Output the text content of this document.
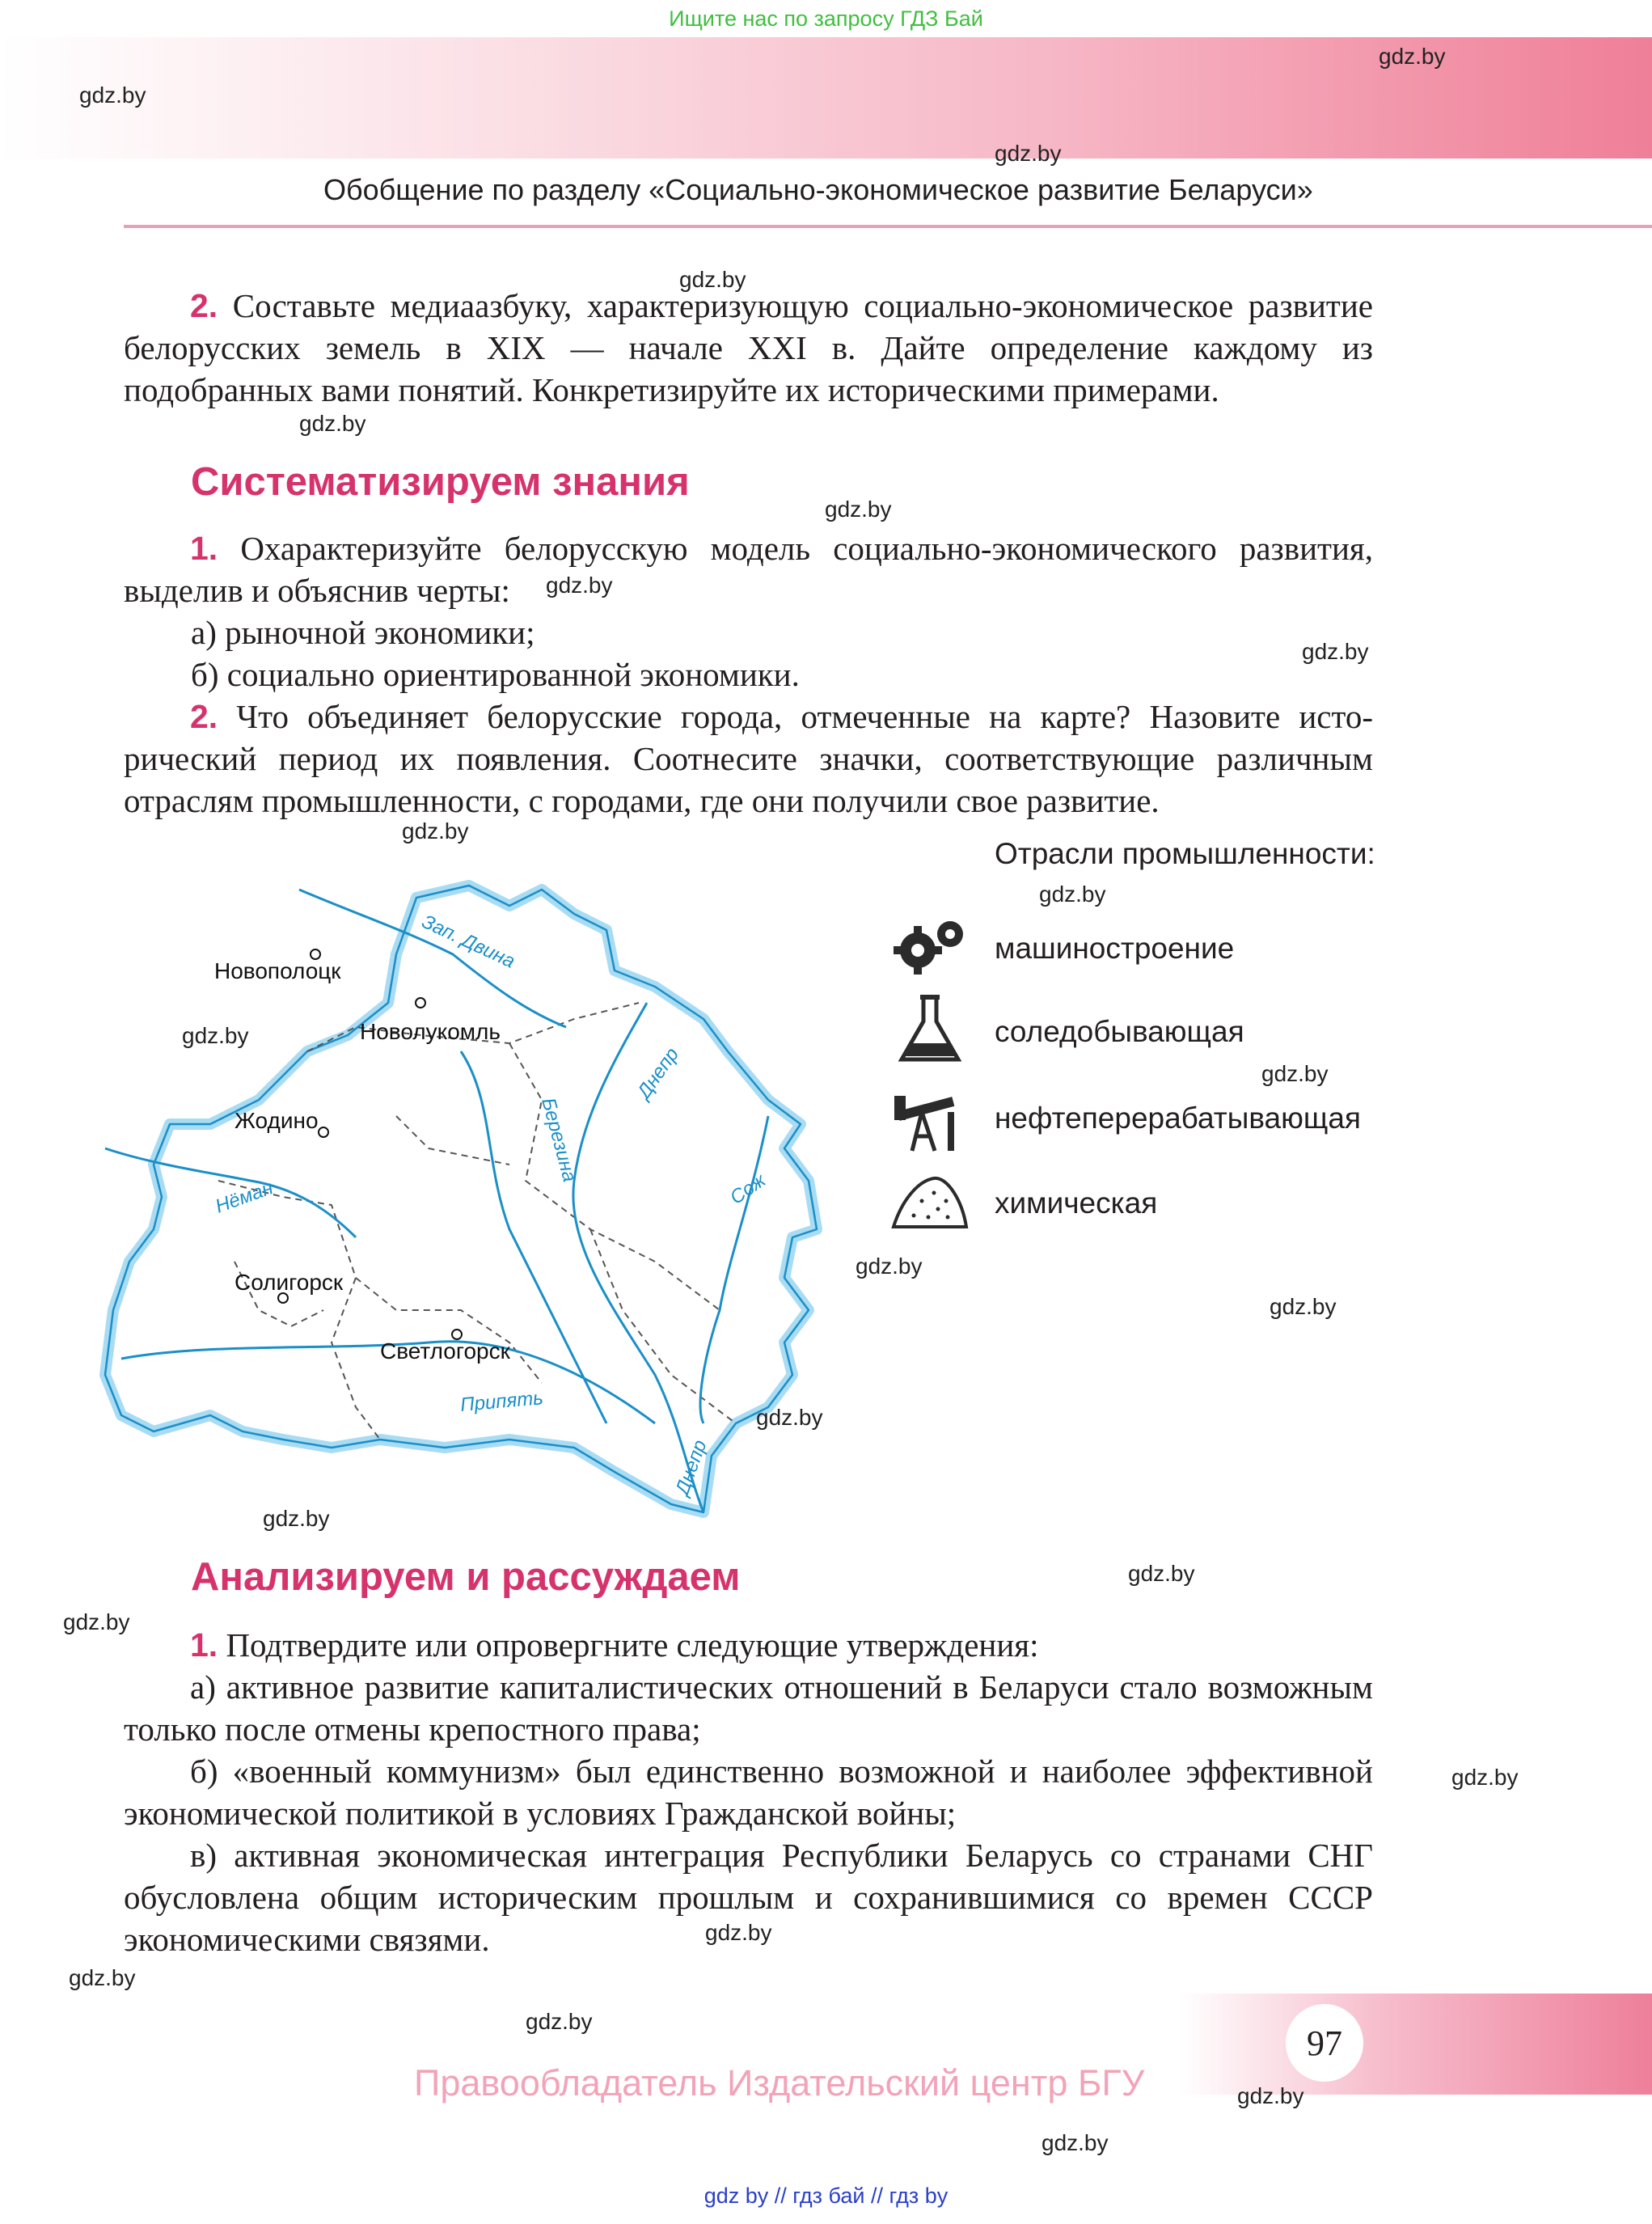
Ищите нас по запросу ГДЗ Бай
Обобщение по разделу «Социально-экономическое развитие Беларуси»
2. Составьте медиаазбуку, характеризующую социально-экономическое развитие белорусских земель в XIX — начале XXI в. Дайте определение каждому из подобранных вами понятий. Конкретизируйте их историческими примерами.
Систематизируем знания
1. Охарактеризуйте белорусскую модель социально-экономического развития, выделив и объяснив черты:
а) рыночной экономики;
б) социально ориентированной экономики.
2. Что объединяет белорусские города, отмеченные на карте? Назовите исторический период их появления. Соотнесите значки, соответствующие различным отраслям промышленности, с городами, где они получили свое развитие.
Новополоцк
Новолукомль
Жодино
Солигорск
Светлогорск
Зап. Двина
Днепр
Березина
Нёман	Сож
Припять
Днепр
Отрасли промышленности:
машиностроение
соледобывающая
нефтеперерабатывающая
химическая
Анализируем и рассуждаем
1. Подтвердите или опровергните следующие утверждения:
а) активное развитие капиталистических отношений в Беларуси стало возможным только после отмены крепостного права;
б) «военный коммунизм» был единственно возможной и наиболее эффективной экономической политикой в условиях Гражданской войны;
в) активная экономическая интеграция Республики Беларусь со странами СНГ обусловлена общим историческим прошлым и сохранившимися со времен СССР экономическими связями.
97
Правообладатель Издательский центр БГУ
gdz by // гдз бай // гдз by
gdz.by
gdz.by
gdz.by
gdz.by
gdz.by
gdz.by
gdz.by
gdz.by
gdz.by
gdz.by
gdz.by
gdz.by
gdz.by
gdz.by
gdz.by
gdz.by
gdz.by
gdz.by
gdz.by
gdz.by
gdz.by
gdz.by
gdz.by
gdz.by
